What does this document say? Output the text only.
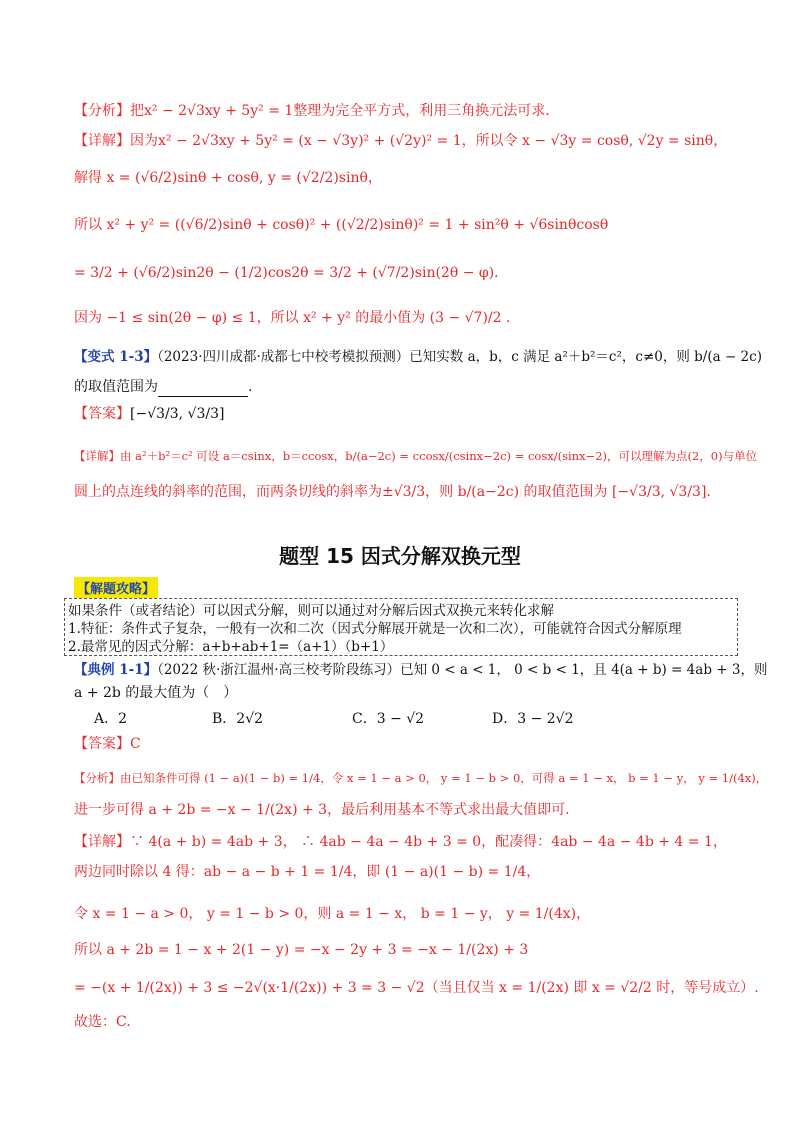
【分析】把x² − 2√3xy + 5y² = 1整理为完全平方式，利用三角换元法可求.
【详解】因为x² − 2√3xy + 5y² = (x − √3y)² + (√2y)² = 1，所以令 x − √3y = cosθ, √2y = sinθ，
解得 x = (√6/2)sinθ + cosθ, y = (√2/2)sinθ，
所以 x² + y² = ((√6/2)sinθ + cosθ)² + ((√2/2)sinθ)² = 1 + sin²θ + √6sinθcosθ
= 3/2 + (√6/2)sin2θ − (1/2)cos2θ = 3/2 + (√7/2)sin(2θ − φ).
因为 −1 ≤ sin(2θ − φ) ≤ 1，所以 x² + y² 的最小值为 (3 − √7)/2 .
【变式 1-3】（2023·四川成都·成都七中校考模拟预测）已知实数 a，b，c 满足 a²＋b²＝c²，c≠0，则 b/(a − 2c)
的取值范围为	.
【答案】[−√3/3, √3/3]
【详解】由 a²＋b²＝c² 可设 a＝csinx，b＝ccosx，b/(a−2c) = ccosx/(csinx−2c) = cosx/(sinx−2)，可以理解为点(2，0)与单位
圆上的点连线的斜率的范围，而两条切线的斜率为±√3/3，则 b/(a−2c) 的取值范围为 [−√3/3, √3/3].
题型 15 因式分解双换元型
【解题攻略】
如果条件（或者结论）可以因式分解，则可以通过对分解后因式双换元来转化求解
1.特征：条件式子复杂，一般有一次和二次（因式分解展开就是一次和二次），可能就符合因式分解原理
2.最常见的因式分解：a+b+ab+1=（a+1）（b+1）
【典例 1-1】（2022 秋·浙江温州·高三校考阶段练习）已知 0 < a < 1， 0 < b < 1，且 4(a + b) = 4ab + 3，则
a + 2b 的最大值为（　）
A．2	B．2√2	C．3 − √2	D．3 − 2√2
【答案】C
【分析】由已知条件可得 (1 − a)(1 − b) = 1/4，令 x = 1 − a > 0， y = 1 − b > 0，可得 a = 1 − x， b = 1 − y， y = 1/(4x)，
进一步可得 a + 2b = −x − 1/(2x) + 3，最后利用基本不等式求出最大值即可.
【详解】∵ 4(a + b) = 4ab + 3， ∴ 4ab − 4a − 4b + 3 = 0，配凑得：4ab − 4a − 4b + 4 = 1，
两边同时除以 4 得：ab − a − b + 1 = 1/4，即 (1 − a)(1 − b) = 1/4，
令 x = 1 − a > 0， y = 1 − b > 0，则 a = 1 − x， b = 1 − y， y = 1/(4x)，
所以 a + 2b = 1 − x + 2(1 − y) = −x − 2y + 3 = −x − 1/(2x) + 3
= −(x + 1/(2x)) + 3 ≤ −2√(x·1/(2x)) + 3 = 3 − √2（当且仅当 x = 1/(2x) 即 x = √2/2 时，等号成立）.
故选：C.
